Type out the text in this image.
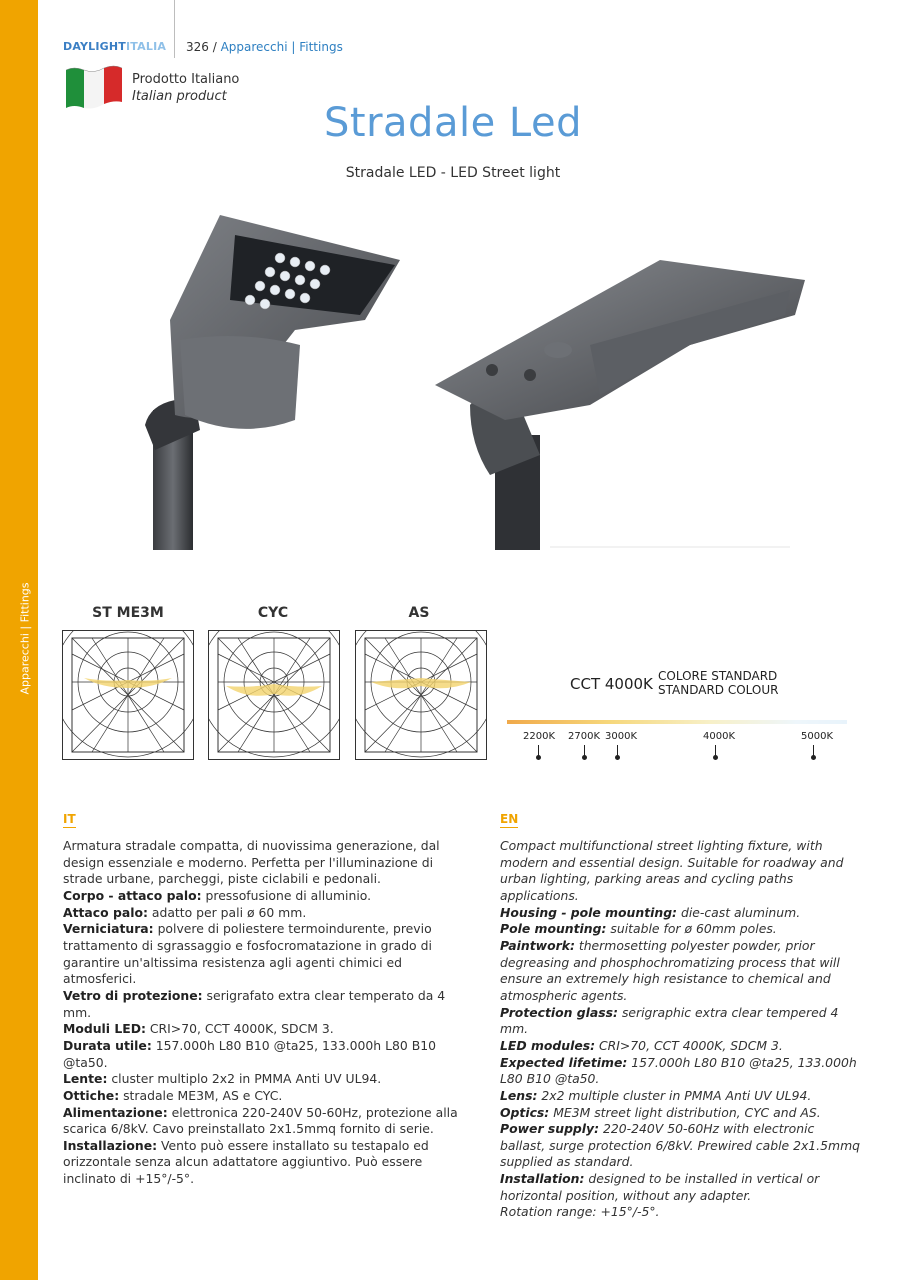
Apparecchi | Fittings
DAYLIGHTITALIA 326 / Apparecchi | Fittings
Prodotto Italiano
Italian product
Stradale Led
Stradale LED - LED Street light
ST ME3M	CYC	AS
CCT 4000K COLORE STANDARD
STANDARD COLOUR
2200K 2700K 3000K	4000K	5000K
IT

Armatura stradale compatta, di nuovissima generazione, dal design essenziale e moderno. Perfetta per l'illuminazione di strade urbane, parcheggi, piste ciclabili e pedonali.

Corpo - attaco palo: pressofusione di alluminio.

Attaco palo: adatto per pali ø 60 mm.

Verniciatura: polvere di poliestere termoindurente, previo trattamento di sgrassaggio e fosfocromatazione in grado di garantire un'altissima resistenza agli agenti chimici ed atmosferici.

Vetro di protezione: serigrafato extra clear temperato da 4 mm.

Moduli LED: CRI>70, CCT 4000K, SDCM 3.

Durata utile: 157.000h L80 B10 @ta25, 133.000h L80 B10 @ta50.

Lente: cluster multiplo 2x2 in PMMA Anti UV UL94.

Ottiche: stradale ME3M, AS e CYC.

Alimentazione: elettronica 220-240V 50-60Hz, protezione alla scarica 6/8kV. Cavo preinstallato 2x1.5mmq fornito di serie.

Installazione: Vento può essere installato su testapalo ed orizzontale senza alcun adattatore aggiuntivo. Può essere inclinato di +15°/-5°.

EN

Compact multifunctional street lighting fixture, with modern and essential design. Suitable for roadway and urban lighting, parking areas and cycling paths applications.

Housing - pole mounting: die-cast aluminum.

Pole mounting: suitable for ø 60mm poles.

Paintwork: thermosetting polyester powder, prior degreasing and phosphochromatizing process that will ensure an extremely high resistance to chemical and atmospheric agents.

Protection glass: serigraphic extra clear tempered 4 mm.

LED modules: CRI>70, CCT 4000K, SDCM 3.

Expected lifetime: 157.000h L80 B10 @ta25, 133.000h L80 B10 @ta50.

Lens: 2x2 multiple cluster in PMMA Anti UV UL94.

Optics: ME3M street light distribution, CYC and AS.

Power supply: 220-240V 50-60Hz with electronic ballast, surge protection 6/8kV. Prewired cable 2x1.5mmq supplied as standard.

Installation: designed to be installed in vertical or horizontal position, without any adapter.

Rotation range: +15°/-5°.
